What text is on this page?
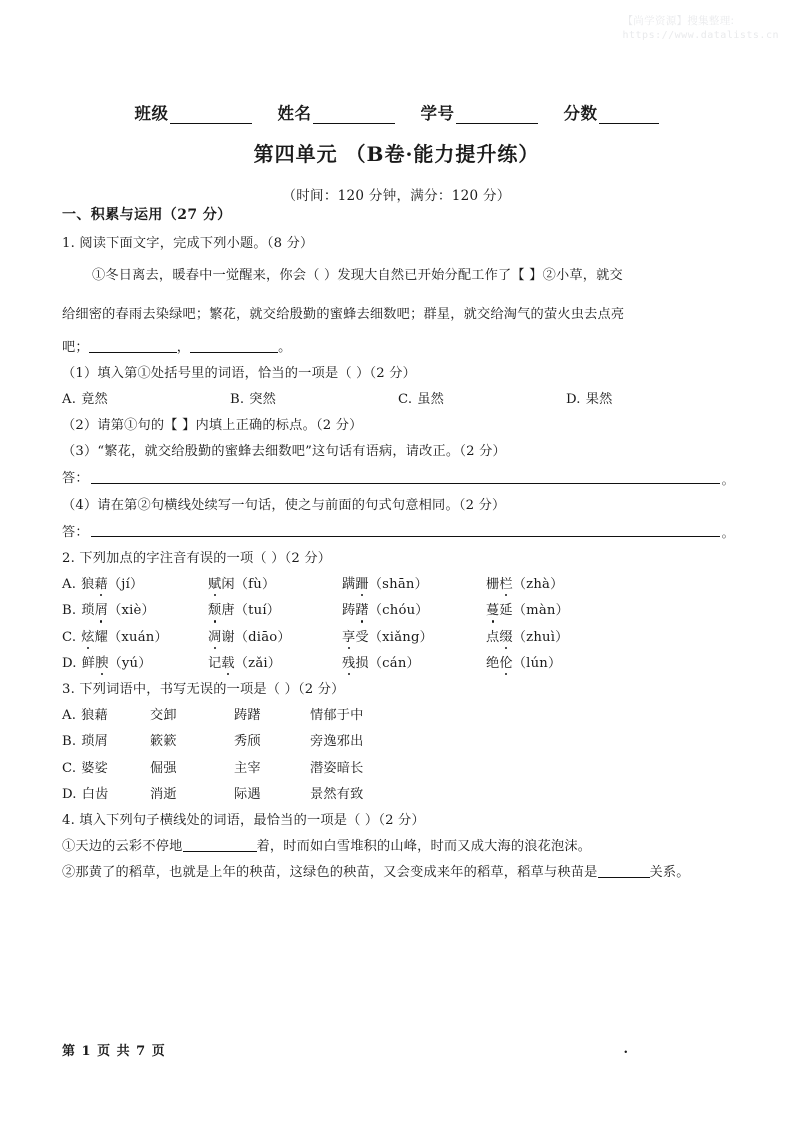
【尚学资源】搜集整理:
https://www.datalists.cn
班级	姓名	学号	分数
第四单元 （B卷·能力提升练）
（时间：120 分钟，满分：120 分）
一、积累与运用（27 分）
1. 阅读下面文字，完成下列小题。（8 分）
①冬日离去，暖春中一觉醒来，你会（ ）发现大自然已开始分配工作了【 】②小草，就交
给细密的春雨去染绿吧；繁花，就交给殷勤的蜜蜂去细数吧；群星，就交给淘气的萤火虫去点亮
吧；	，	。
（1）填入第①处括号里的词语，恰当的一项是（ ）（2 分）
A. 竟然	B. 突然	C. 虽然	D. 果然
（2）请第①句的【 】内填上正确的标点。（2 分）
（3）“繁花，就交给殷勤的蜜蜂去细数吧”这句话有语病，请改正。（2 分）
答：	。
（4）请在第②句横线处续写一句话，使之与前面的句式句意相同。（2 分）
答：	。
2. 下列加点的字注音有误的一项（ ）（2 分）
A. 狼藉（jí）	赋闲（fù）	蹒跚（shān）	栅栏（zhà）
B. 琐屑（xiè）	颓唐（tuí）	踌躇（chóu）	蔓延（màn）
C. 炫耀（xuán）	凋谢（diāo）	享受（xiǎng）	点缀（zhuì）
D. 鲜腴（yú）	记载（zǎi）	残损（cán）	绝伦（lún）
3. 下列词语中，书写无误的一项是（ ）（2 分）
A. 狼藉	交卸	踌躇	情郁于中
B. 琐屑	簌簌	秀颀	旁逸邪出
C. 婆娑	倔强	主宰	潜姿暗长
D. 白齿	消逝	际遇	景然有致
4. 填入下列句子横线处的词语，最恰当的一项是（ ）（2 分）
①天边的云彩不停地	着，时而如白雪堆积的山峰，时而又成大海的浪花泡沫。
②那黄了的稻草，也就是上年的秧苗，这绿色的秧苗，又会变成来年的稻草，稻草与秧苗是	关系。
第 1 页 共 7 页	.
